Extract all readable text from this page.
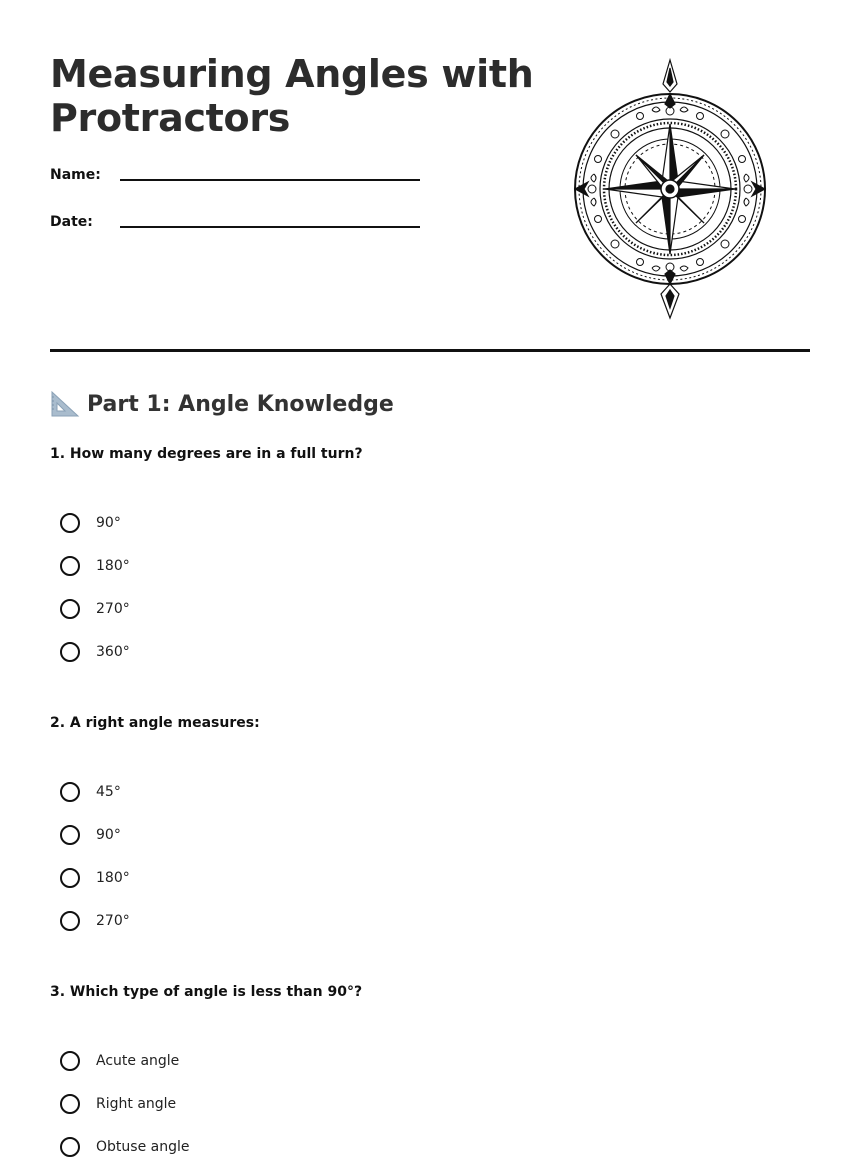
Measuring Angles with Protractors
Name:
Date:
Part 1: Angle Knowledge

1. How many degrees are in a full turn?

90°
180°
270°
360°

2. A right angle measures:

45°
90°
180°
270°

3. Which type of angle is less than 90°?

Acute angle
Right angle
Obtuse angle
